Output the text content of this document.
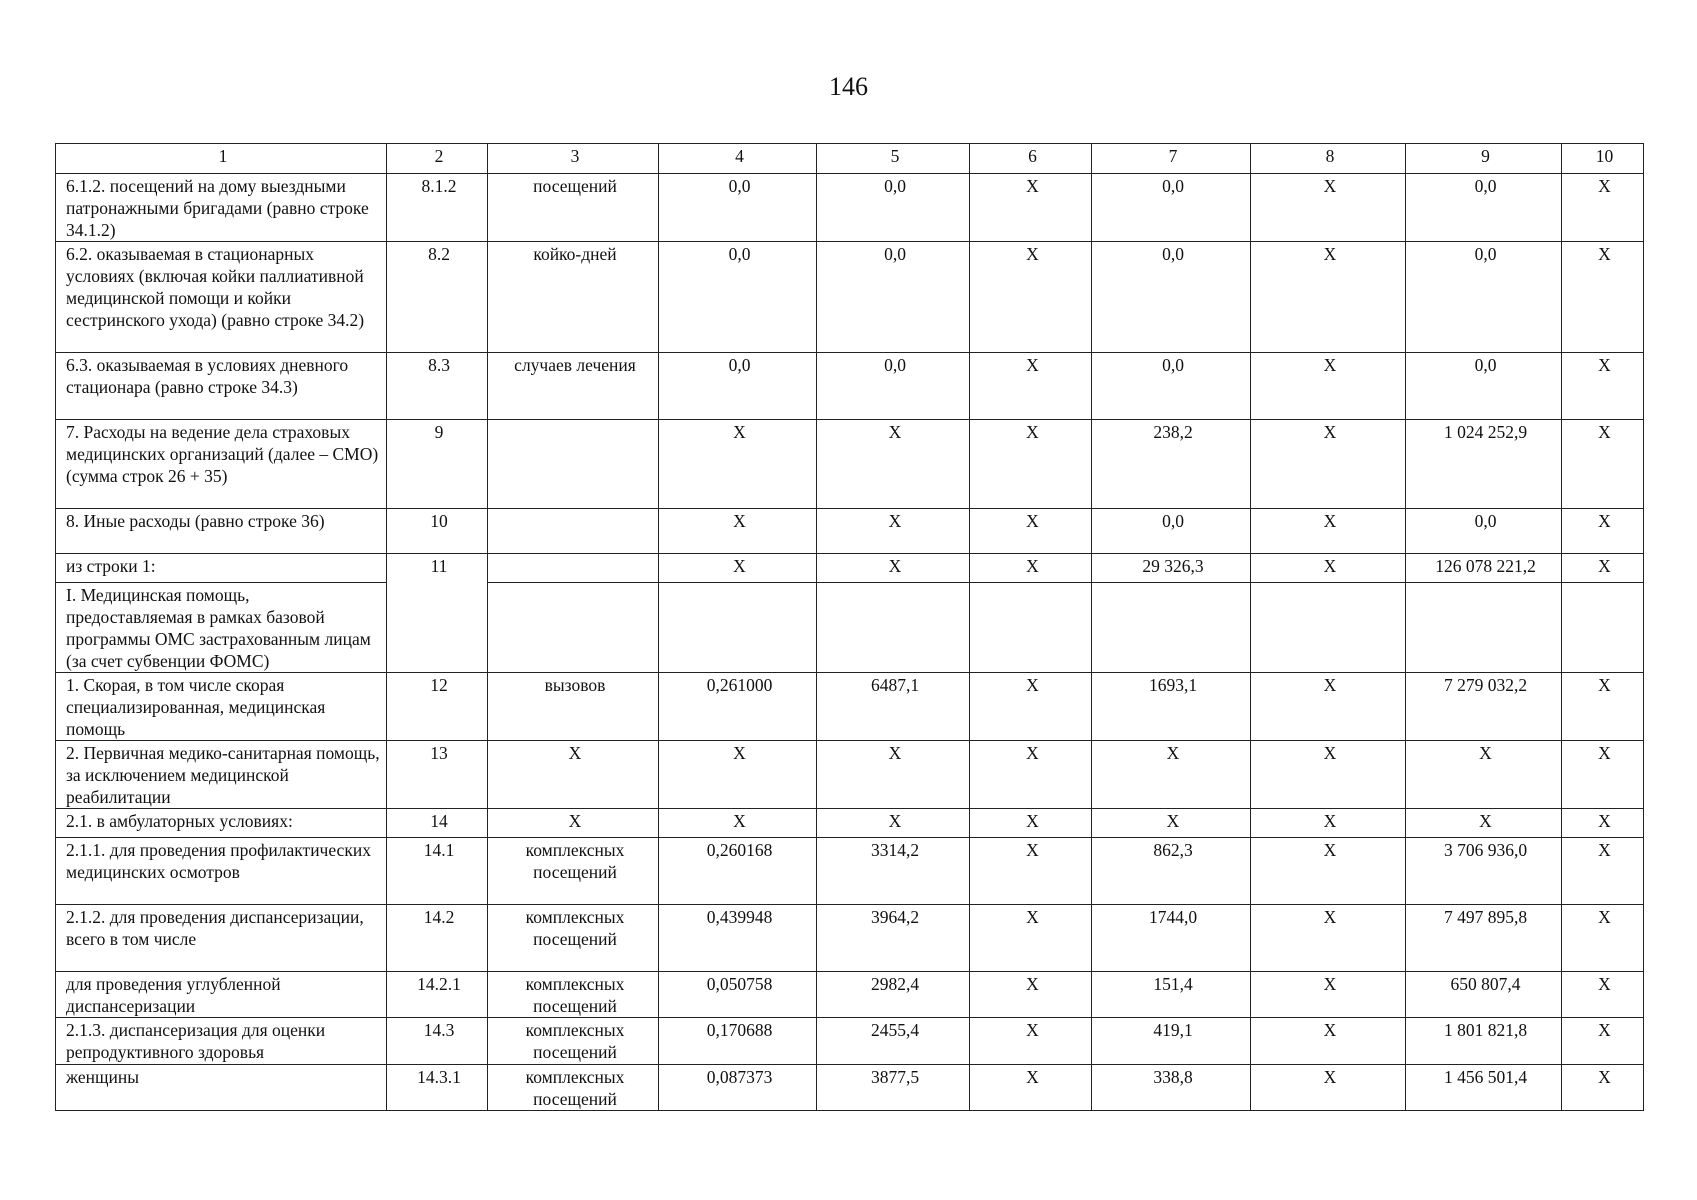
146
1	2	3	4	5	6	7	8	9	10
6.1.2. посещений на дому выездными патронажными бригадами (равно строке 34.1.2)	8.1.2	посещений	0,0	0,0	Х	0,0	Х	0,0	Х
6.2. оказываемая в стационарных условиях (включая койки паллиативной медицинской помощи и койки сестринского ухода) (равно строке 34.2)	8.2	койко-дней	0,0	0,0	Х	0,0	Х	0,0	Х
6.3. оказываемая в условиях дневного стационара (равно строке 34.3)	8.3	случаев лечения	0,0	0,0	Х	0,0	Х	0,0	Х
7. Расходы на ведение дела страховых медицинских организаций (далее – СМО) (сумма строк 26 + 35)	9		Х	Х	Х	238,2	Х	1 024 252,9	Х
8. Иные расходы (равно строке 36)	10		Х	Х	Х	0,0	Х	0,0	Х
из строки 1:	11		Х	Х	Х	29 326,3	Х	126 078 221,2	Х
I. Медицинская помощь, предоставляемая в рамках базовой программы ОМС застрахованным лицам (за счет субвенции ФОМС)									
1. Скорая, в том числе скорая специализированная, медицинская помощь	12	вызовов	0,261000	6487,1	Х	1693,1	Х	7 279 032,2	Х
2. Первичная медико-санитарная помощь, за исключением медицинской реабилитации	13	Х	Х	Х	Х	Х	Х	Х	Х
2.1. в амбулаторных условиях:	14	Х	Х	Х	Х	Х	Х	Х	Х
2.1.1. для проведения профилактических медицинских осмотров	14.1	комплексных посещений	0,260168	3314,2	Х	862,3	Х	3 706 936,0	Х
2.1.2. для проведения диспансеризации, всего в том числе	14.2	комплексных посещений	0,439948	3964,2	Х	1744,0	Х	7 497 895,8	Х
для проведения углубленной диспансеризации	14.2.1	комплексных посещений	0,050758	2982,4	Х	151,4	Х	650 807,4	Х
2.1.3. диспансеризация для оценки репродуктивного здоровья	14.3	комплексных посещений	0,170688	2455,4	Х	419,1	Х	1 801 821,8	Х
женщины	14.3.1	комплексных посещений	0,087373	3877,5	Х	338,8	Х	1 456 501,4	Х
